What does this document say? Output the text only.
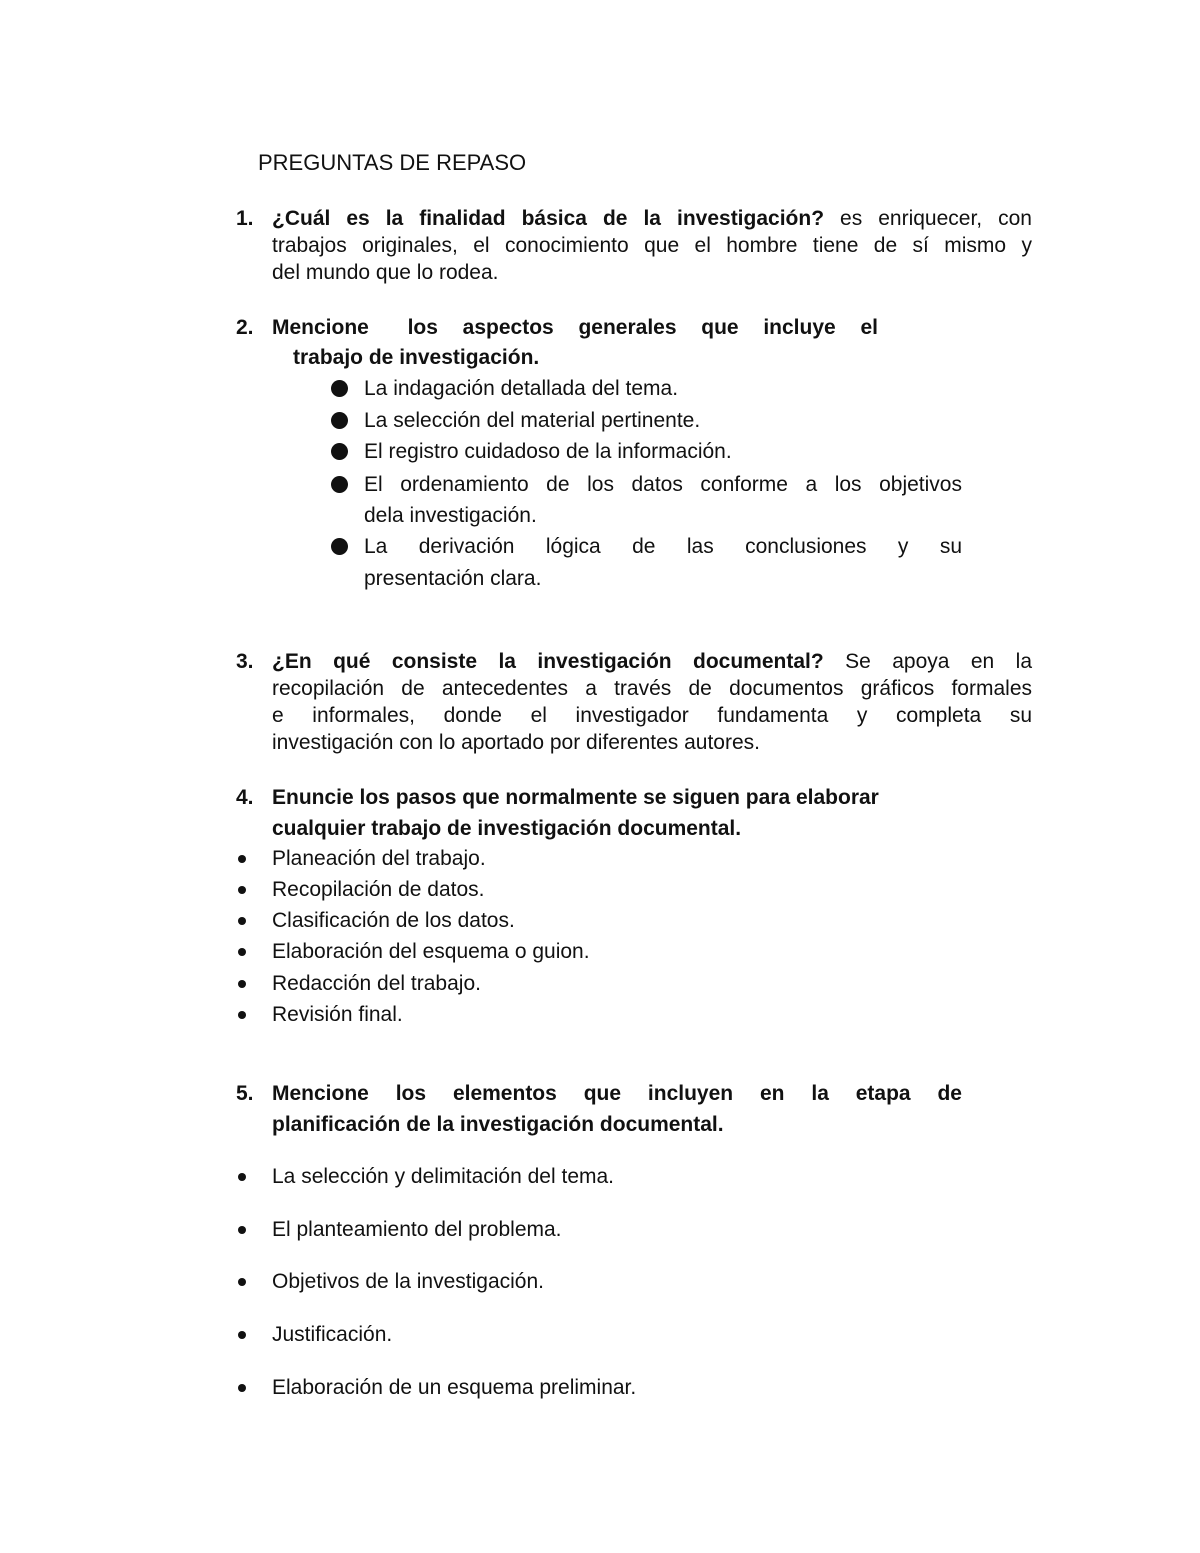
PREGUNTAS DE REPASO
1. ¿Cuál es la finalidad básica de la investigación? es enriquecer, con
trabajos originales, el conocimiento que el hombre tiene de sí mismo y
del mundo que lo rodea.
2. Mencione los aspectos generales que incluye el
trabajo de investigación.
La indagación detallada del tema.
La selección del material pertinente.
El registro cuidadoso de la información.
El ordenamiento de los datos conforme a los objetivos
dela investigación.
La derivación lógica de las conclusiones y su
presentación clara.
3. ¿En qué consiste la investigación documental? Se apoya en la
recopilación de antecedentes a través de documentos gráficos formales
e informales, donde el investigador fundamenta y completa su
investigación con lo aportado por diferentes autores.
4. Enuncie los pasos que normalmente se siguen para elaborar
cualquier trabajo de investigación documental.
Planeación del trabajo.
Recopilación de datos.
Clasificación de los datos.
Elaboración del esquema o guion.
Redacción del trabajo.
Revisión final.
5. Mencione los elementos que incluyen en la etapa de
planificación de la investigación documental.
La selección y delimitación del tema.
El planteamiento del problema.
Objetivos de la investigación.
Justificación.
Elaboración de un esquema preliminar.
